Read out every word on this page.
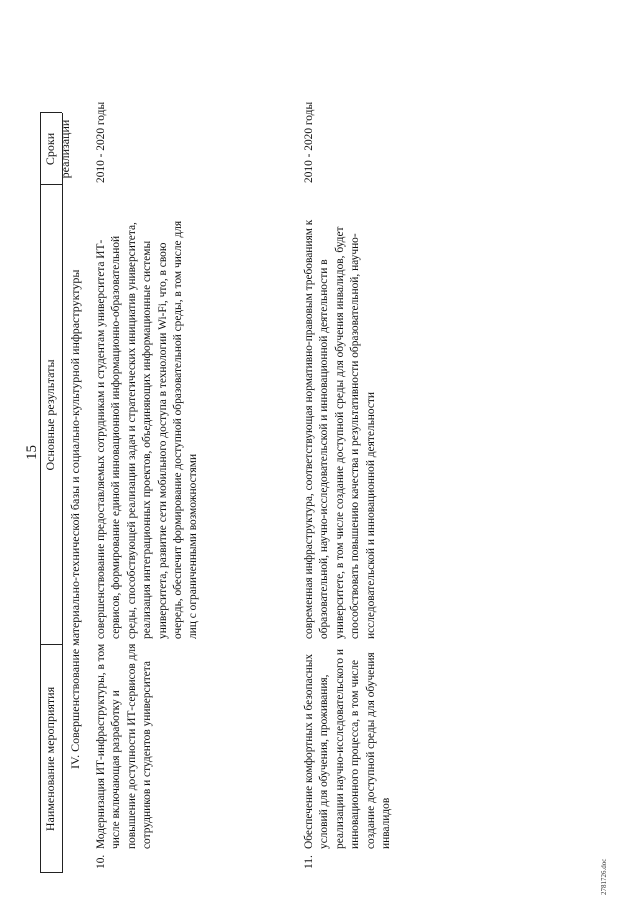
15
Наименование мероприятия
Основные результаты
Сроки реализации
IV. Совершенствование материально-технической базы и социально-культурной инфраструктуры
10.
Модернизация ИТ-инфраструктуры, в том числе включающая разработку и повышение доступности ИТ-сервисов для сотрудников и студентов университета
совершенствование предоставляемых сотрудникам и студентам университета ИТ-сервисов, формирование единой инновационной информационно-образовательной среды, способствующей реализации задач и стратегических инициатив университета, реализация интеграционных проектов, объединяющих информационные системы университета, развитие сети мобильного доступа в технологии Wi-Fi, что, в свою очередь, обеспечит формирование доступной образовательной среды, в том числе для лиц с ограниченными возможностями
2010 - 2020 годы
11.
Обеспечение комфортных и безопасных условий для обучения, проживания, реализации научно-исследовательского и инновационного процесса, в том числе создание доступной среды для обучения инвалидов
современная инфраструктура, соответствующая нормативно-правовым требованиям к образовательной, научно-исследовательской и инновационной деятельности в университете, в том числе создание доступной среды для обучения инвалидов, будет способствовать повышению качества и результативности образовательной, научно-исследовательской и инновационной деятельности
2010 - 2020 годы
2781726.doc
